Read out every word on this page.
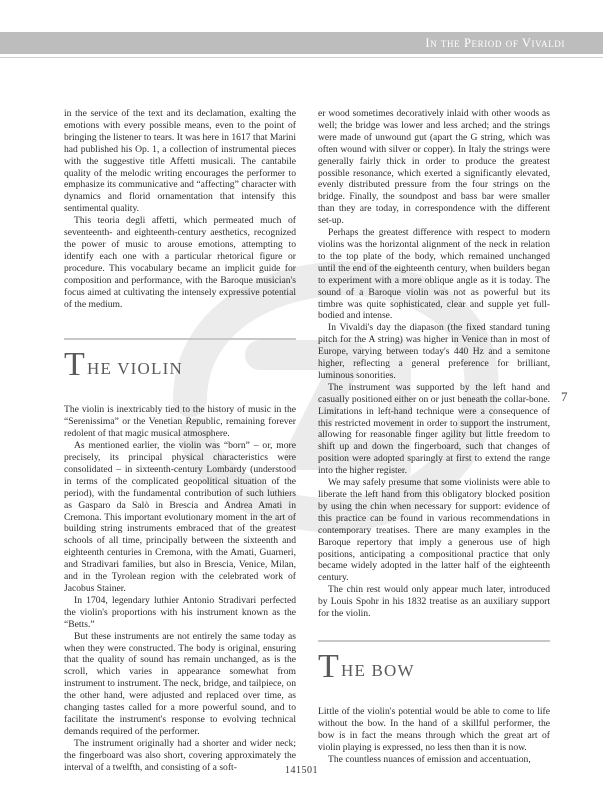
In the Period of Vivaldi

in the service of the text and its declamation, exalting the emotions with every possible means, even to the point of bringing the listener to tears. It was here in 1617 that Marini had published his Op. 1, a collection of instrumental pieces with the suggestive title Affetti musicali. The cantabile quality of the melodic writing encourages the performer to emphasize its communicative and “affecting” character with dynamics and florid ornamentation that intensify this sentimental quality.

This teoria degli affetti, which permeated much of seventeenth- and eighteenth-century aesthetics, recognized the power of music to arouse emotions, attempting to identify each one with a particular rhetorical figure or procedure. This vocabulary became an implicit guide for composition and performance, with the Baroque musician's focus aimed at cultivating the intensely expressive potential of the medium.

T HE VIOLIN

The violin is inextricably tied to the history of music in the “Serenissima” or the Venetian Republic, remaining forever redolent of that magic musical atmosphere.

As mentioned earlier, the violin was “born” – or, more precisely, its principal physical characteristics were consolidated – in sixteenth-century Lombardy (understood in terms of the complicated geopolitical situation of the period), with the fundamental contribution of such luthiers as Gasparo da Salò in Brescia and Andrea Amati in Cremona. This important evolutionary moment in the art of building string instruments embraced that of the greatest schools of all time, principally between the sixteenth and eighteenth centuries in Cremona, with the Amati, Guarneri, and Stradivari families, but also in Brescia, Venice, Milan, and in the Tyrolean region with the celebrated work of Jacobus Stainer.

In 1704, legendary luthier Antonio Stradivari perfected the violin's proportions with his instrument known as the “Betts.”

But these instruments are not entirely the same today as when they were constructed. The body is original, ensuring that the quality of sound has remain unchanged, as is the scroll, which varies in appearance somewhat from instrument to instrument. The neck, bridge, and tailpiece, on the other hand, were adjusted and replaced over time, as changing tastes called for a more powerful sound, and to facilitate the instrument's response to evolving technical demands required of the performer.

The instrument originally had a shorter and wider neck; the fingerboard was also short, covering approximately the interval of a twelfth, and consisting of a soft-

er wood sometimes decoratively inlaid with other woods as well; the bridge was lower and less arched; and the strings were made of unwound gut (apart the G string, which was often wound with silver or copper). In Italy the strings were generally fairly thick in order to produce the greatest possible resonance, which exerted a significantly elevated, evenly distributed pressure from the four strings on the bridge. Finally, the soundpost and bass bar were smaller than they are today, in correspondence with the different set-up.

Perhaps the greatest difference with respect to modern violins was the horizontal alignment of the neck in relation to the top plate of the body, which remained unchanged until the end of the eighteenth century, when builders began to experiment with a more oblique angle as it is today. The sound of a Baroque violin was not as powerful but its timbre was quite sophisticated, clear and supple yet full-bodied and intense.

In Vivaldi's day the diapason (the fixed standard tuning pitch for the A string) was higher in Venice than in most of Europe, varying between today's 440 Hz and a semitone higher, reflecting a general preference for brilliant, luminous sonorities.

The instrument was supported by the left hand and casually positioned either on or just beneath the collar-bone. Limitations in left-hand technique were a consequence of this restricted movement in order to support the instrument, allowing for reasonable finger agility but little freedom to shift up and down the fingerboard, such that changes of position were adopted sparingly at first to extend the range into the higher register.

We may safely presume that some violinists were able to liberate the left hand from this obligatory blocked position by using the chin when necessary for support: evidence of this practice can be found in various recommendations in contemporary treatises. There are many examples in the Baroque repertory that imply a generous use of high positions, anticipating a compositional practice that only became widely adopted in the latter half of the eighteenth century.

The chin rest would only appear much later, introduced by Louis Spohr in his 1832 treatise as an auxiliary support for the violin.

T HE BOW

Little of the violin's potential would be able to come to life without the bow. In the hand of a skillful performer, the bow is in fact the means through which the great art of violin playing is expressed, no less then than it is now.

The countless nuances of emission and accentuation,

7
141501
